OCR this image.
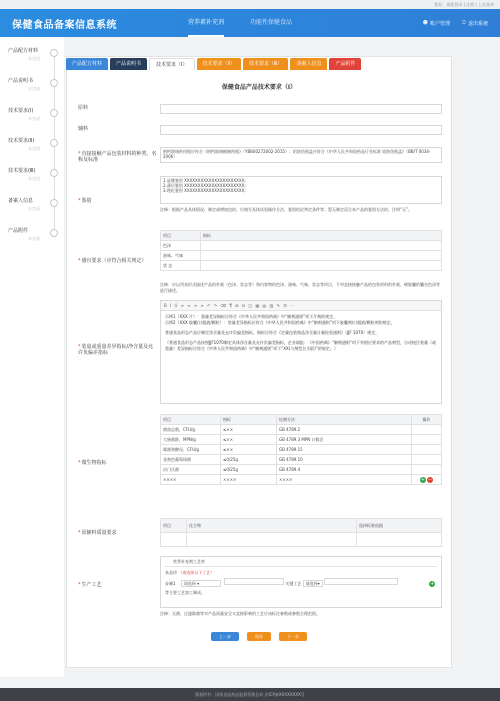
您好，请您登录 | 注册 | 上次登录
保健食品备案信息系统	营养素补充剂	功能性保健食品	☻ 账户管理 ⎋ 退出系统
产品配方材料
未完成
产品说明书
未完成
技术要求(Ⅰ)
未完成
技术要求(Ⅱ)
未完成
技术要求(Ⅲ)
未完成
备案人信息
未完成
产品附件
未完成
产品配方材料	产品说明书	技术要求（Ⅰ）	技术要求（Ⅱ）	技术要求（Ⅲ）	备案人信息	产品附件
保健食品产品技术要求（Ⅰ）
原料
辅料
*直接接触产品包装材料的种类、名称及标准
钠钙玻璃药用瓶应符合《钠钙玻璃模制药瓶》（YBB00272002-2015）；铝防伪瓶盖应符合《中华人民共和国药品行业标准 铝防伪瓶盖》（BB/T 0034-2006）
*鉴别
1.显微鉴别 XXXXXXXXXXXXXXXXXXXXXX;
2.薄层鉴别 XXXXXXXXXXXXXXXXXXXXXX;
3.理化鉴别 XXXXXXXXXXXXXXXXXXXXXX;
注释：根据产品具体情况，制定或增加包的，应填写具体试验操作方法，鉴别结论判定条件等；暂无制定适合本产品的鉴别方法的，注明“无”。
*感官要求（应符合相关规定）
项目	指标
色泽	
滋味、气味	
状 态	
注释：应以列表形式描述产品的外观（色泽、状态等）和内容物的色泽、滋味、气味、状态等项目，不对直接接触产品的包装材料的外观、硬胶囊的囊壳色泽等进行描述。
*装量或重量差异指标/净含量及允许负偏差指标
B I U ≡ ≡ ≡ ≡ ↶ ↷ ⌫ ¶ ⊞ ⊟ ◫ ▦ ▤ ▥ ✎ ☰ ⋯
示例1（XXX 片）：重量差异指标应符合《中华人民共和国药典》中“制剂通则”项下片剂的规定。
示例2（XXX 胶囊/口服液/颗粒）：装量差异指标应符合《中华人民共和国药典》中“制剂通则”项下胶囊剂/口服液/颗粒剂的规定。
普通食品形态产品应制定净含量及允许负偏差指标，指标应符合《定量包装商品净含量计量检验通则》（JJF 1070）规定。
（普通食品形态产品按照JJF1070制定具体净含量及允许负偏差指标，企业填报：《中国药典》“制剂通则”项下有相应要求的产品剂型，自动校注装量（或重量）差异指标应符合《中华人民共和国药典》中“制剂通则”项下“XX(与剂型名关联)”的规定。）
*微生物指标
项目	指标	检测方法	操作
菌落总数，CFU/g	≤××	GB 4789.2	
大肠菌群，MPN/g	≤××	GB 4789.3 MPN 计数法	
霉菌和酵母，CFU/g	≤××	GB 4789.15	
金黄色葡萄球菌	≤0/25g	GB 4789.10	
沙门氏菌	≤0/25g	GB 4789.4	
××××	××××	××××	+ −
*原辅料质量要求
项目	化合物	选择标准依据

*生产工艺
营养补充剂工艺库
本品经 （请选择以下工艺）
步骤1 请选择 ▾	关键工艺 请选择▾	+
等主要工艺加工制成。
注释：无菌、过滤除菌等对产品质量安全又直接影响的工艺应该标注参数或参数合理范围。
上一步	保存	下一步
版权所有：国家食品药品监督管理总局 京ICP备XXXXXXXX号
